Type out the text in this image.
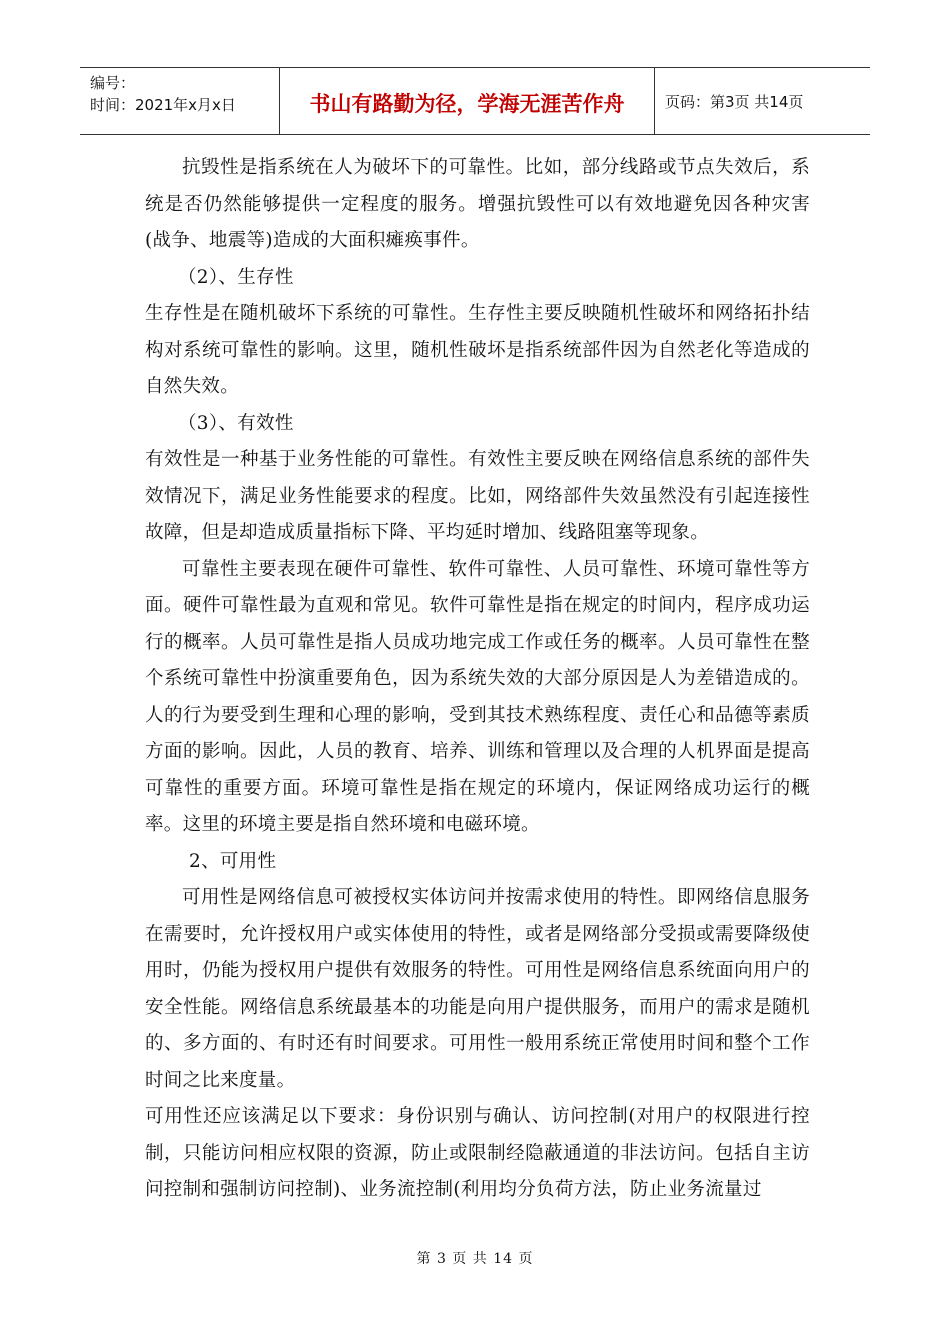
编号：
时间：2021年x月x日	书山有路勤为径，学海无涯苦作舟	页码：第3页 共14页

抗毁性是指系统在人为破坏下的可靠性。比如，部分线路或节点失效后，系统是否仍然能够提供一定程度的服务。增强抗毁性可以有效地避免因各种灾害(战争、地震等)造成的大面积瘫痪事件。

（2）、生存性

生存性是在随机破坏下系统的可靠性。生存性主要反映随机性破坏和网络拓扑结构对系统可靠性的影响。这里，随机性破坏是指系统部件因为自然老化等造成的自然失效。

（3）、有效性

有效性是一种基于业务性能的可靠性。有效性主要反映在网络信息系统的部件失效情况下，满足业务性能要求的程度。比如，网络部件失效虽然没有引起连接性故障，但是却造成质量指标下降、平均延时增加、线路阻塞等现象。

可靠性主要表现在硬件可靠性、软件可靠性、人员可靠性、环境可靠性等方面。硬件可靠性最为直观和常见。软件可靠性是指在规定的时间内，程序成功运行的概率。人员可靠性是指人员成功地完成工作或任务的概率。人员可靠性在整个系统可靠性中扮演重要角色，因为系统失效的大部分原因是人为差错造成的。人的行为要受到生理和心理的影响，受到其技术熟练程度、责任心和品德等素质方面的影响。因此，人员的教育、培养、训练和管理以及合理的人机界面是提高可靠性的重要方面。环境可靠性是指在规定的环境内，保证网络成功运行的概率。这里的环境主要是指自然环境和电磁环境。

2、可用性

可用性是网络信息可被授权实体访问并按需求使用的特性。即网络信息服务在需要时，允许授权用户或实体使用的特性，或者是网络部分受损或需要降级使用时，仍能为授权用户提供有效服务的特性。可用性是网络信息系统面向用户的安全性能。网络信息系统最基本的功能是向用户提供服务，而用户的需求是随机的、多方面的、有时还有时间要求。可用性一般用系统正常使用时间和整个工作时间之比来度量。

可用性还应该满足以下要求：身份识别与确认、访问控制(对用户的权限进行控制，只能访问相应权限的资源，防止或限制经隐蔽通道的非法访问。包括自主访问控制和强制访问控制)、业务流控制(利用均分负荷方法，防止业务流量过

第 3 页 共 14 页
